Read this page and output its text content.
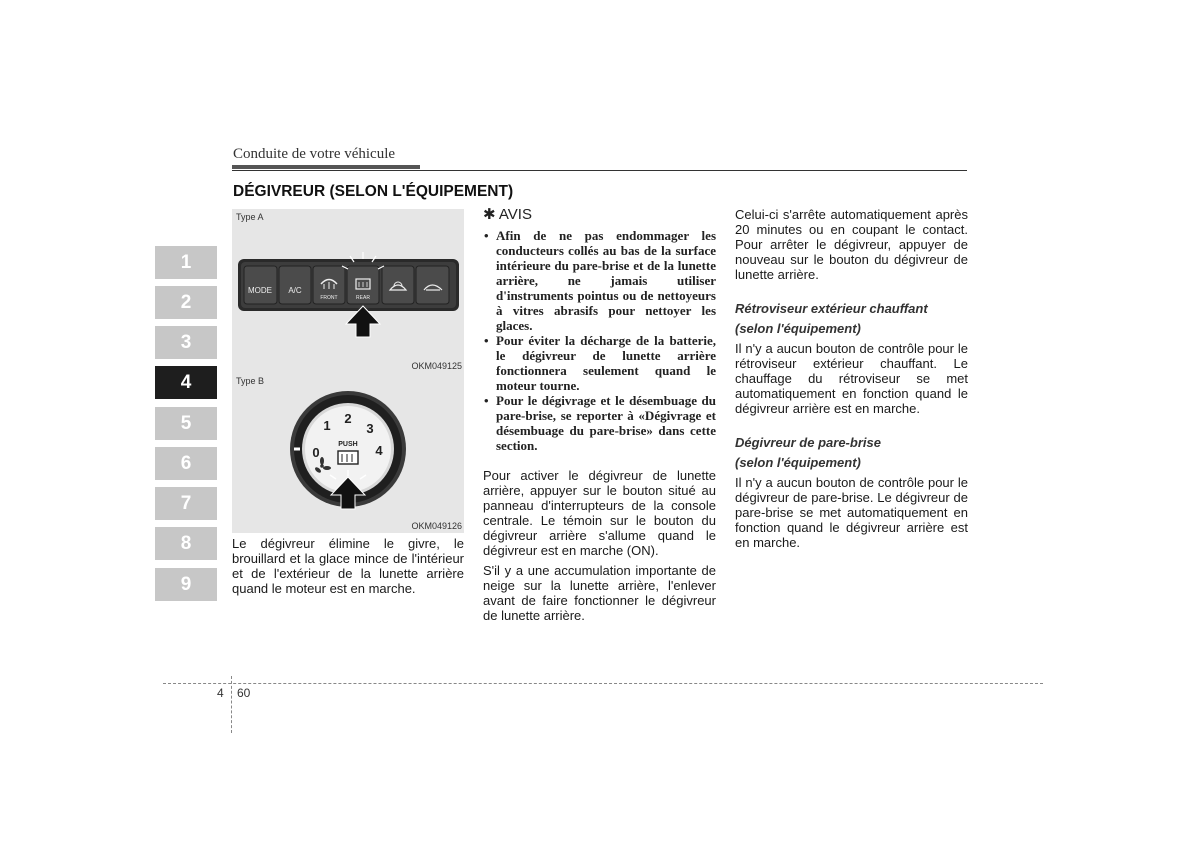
Conduite de votre véhicule
DÉGIVREUR (SELON L'ÉQUIPEMENT)
1
2
3
4
5
6
7
8
9
Type A
MODE A/C
FRONT	REAR
OKM049125
Type B
0
1 2
3
4
PUSH
OKM049126

Le dégivreur élimine le givre, le brouillard et la glace mince de l'intérieur et de l'extérieur de la lunette arrière quand le moteur est en marche.

✱ AVIS
• Afin de ne pas endommager les conducteurs collés au bas de la surface intérieure du pare-brise et de la lunette arrière, ne jamais utiliser d'instruments pointus ou de nettoyeurs à vitres abrasifs pour nettoyer les glaces.
• Pour éviter la décharge de la batterie, le dégivreur de lunette arrière fonctionnera seulement quand le moteur tourne.
• Pour le dégivrage et le désembuage du pare-brise, se reporter à «Dégivrage et désembuage du pare-brise» dans cette section.

Pour activer le dégivreur de lunette arrière, appuyer sur le bouton situé au panneau d'interrupteurs de la console centrale. Le témoin sur le bouton du dégivreur arrière s'allume quand le dégivreur est en marche (ON).

S'il y a une accumulation importante de neige sur la lunette arrière, l'enlever avant de faire fonctionner le dégivreur de lunette arrière.

Celui-ci s'arrête automatiquement après 20 minutes ou en coupant le contact. Pour arrêter le dégivreur, appuyer de nouveau sur le bouton du dégivreur de lunette arrière.

Rétroviseur extérieur chauffant

(selon l'équipement)

Il n'y a aucun bouton de contrôle pour le rétroviseur extérieur chauffant. Le chauffage du rétroviseur se met automatiquement en fonction quand le dégivreur arrière est en marche.

Dégivreur de pare-brise

(selon l'équipement)

Il n'y a aucun bouton de contrôle pour le dégivreur de pare-brise. Le dégivreur de pare-brise se met automatiquement en fonction quand le dégivreur arrière est en marche.

4 60
